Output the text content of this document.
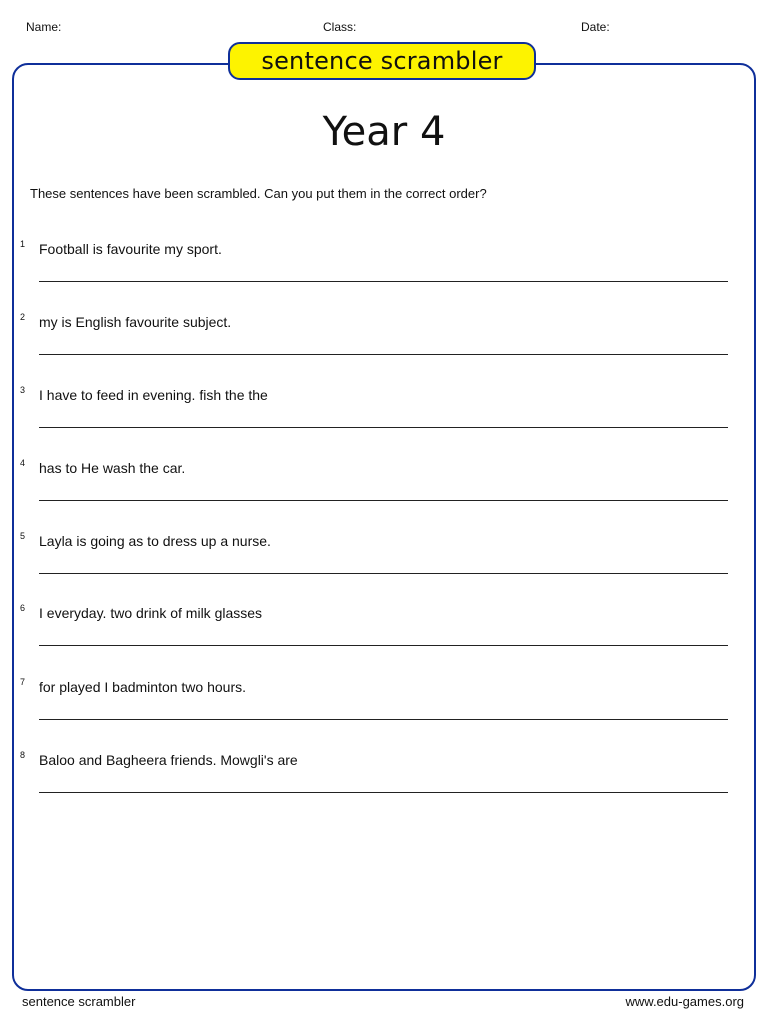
Name:	Class:	Date:
sentence scrambler
Year 4
These sentences have been scrambled. Can you put them in the correct order?
1 Football is favourite my sport.
2 my is English favourite subject.
3 I have to feed in evening. fish the the
4 has to He wash the car.
5 Layla is going as to dress up a nurse.
6 I everyday. two drink of milk glasses
7 for played I badminton two hours.
8 Baloo and Bagheera friends. Mowgli's are
sentence scrambler	www.edu-games.org
